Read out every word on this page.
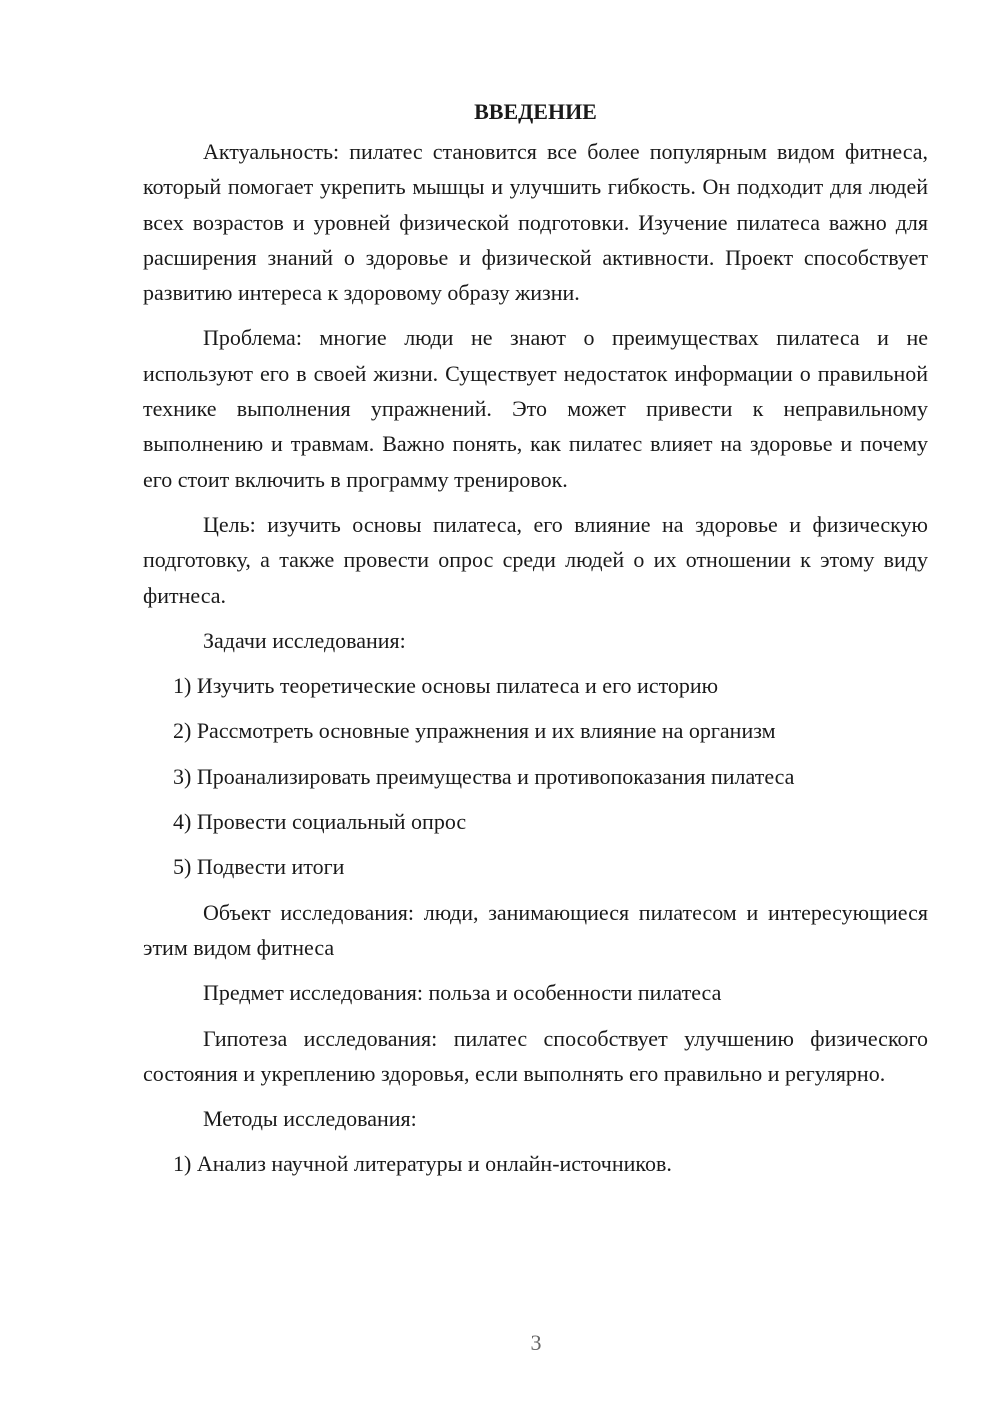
ВВЕДЕНИЕ

Актуальность: пилатес становится все более популярным видом фитнеса, который помогает укрепить мышцы и улучшить гибкость. Он подходит для людей всех возрастов и уровней физической подготовки. Изучение пилатеса важно для расширения знаний о здоровье и физической активности. Проект способствует развитию интереса к здоровому образу жизни.

Проблема: многие люди не знают о преимуществах пилатеса и не используют его в своей жизни. Существует недостаток информации о правильной технике выполнения упражнений. Это может привести к неправильному выполнению и травмам. Важно понять, как пилатес влияет на здоровье и почему его стоит включить в программу тренировок.

Цель: изучить основы пилатеса, его влияние на здоровье и физическую подготовку, а также провести опрос среди людей о их отношении к этому виду фитнеса.

Задачи исследования:

1) Изучить теоретические основы пилатеса и его историю
2) Рассмотреть основные упражнения и их влияние на организм
3) Проанализировать преимущества и противопоказания пилатеса
4) Провести социальный опрос
5) Подвести итоги

Объект исследования: люди, занимающиеся пилатесом и интересующиеся этим видом фитнеса

Предмет исследования: польза и особенности пилатеса

Гипотеза исследования: пилатес способствует улучшению физического состояния и укреплению здоровья, если выполнять его правильно и регулярно.

Методы исследования:

1) Анализ научной литературы и онлайн-источников.
3
